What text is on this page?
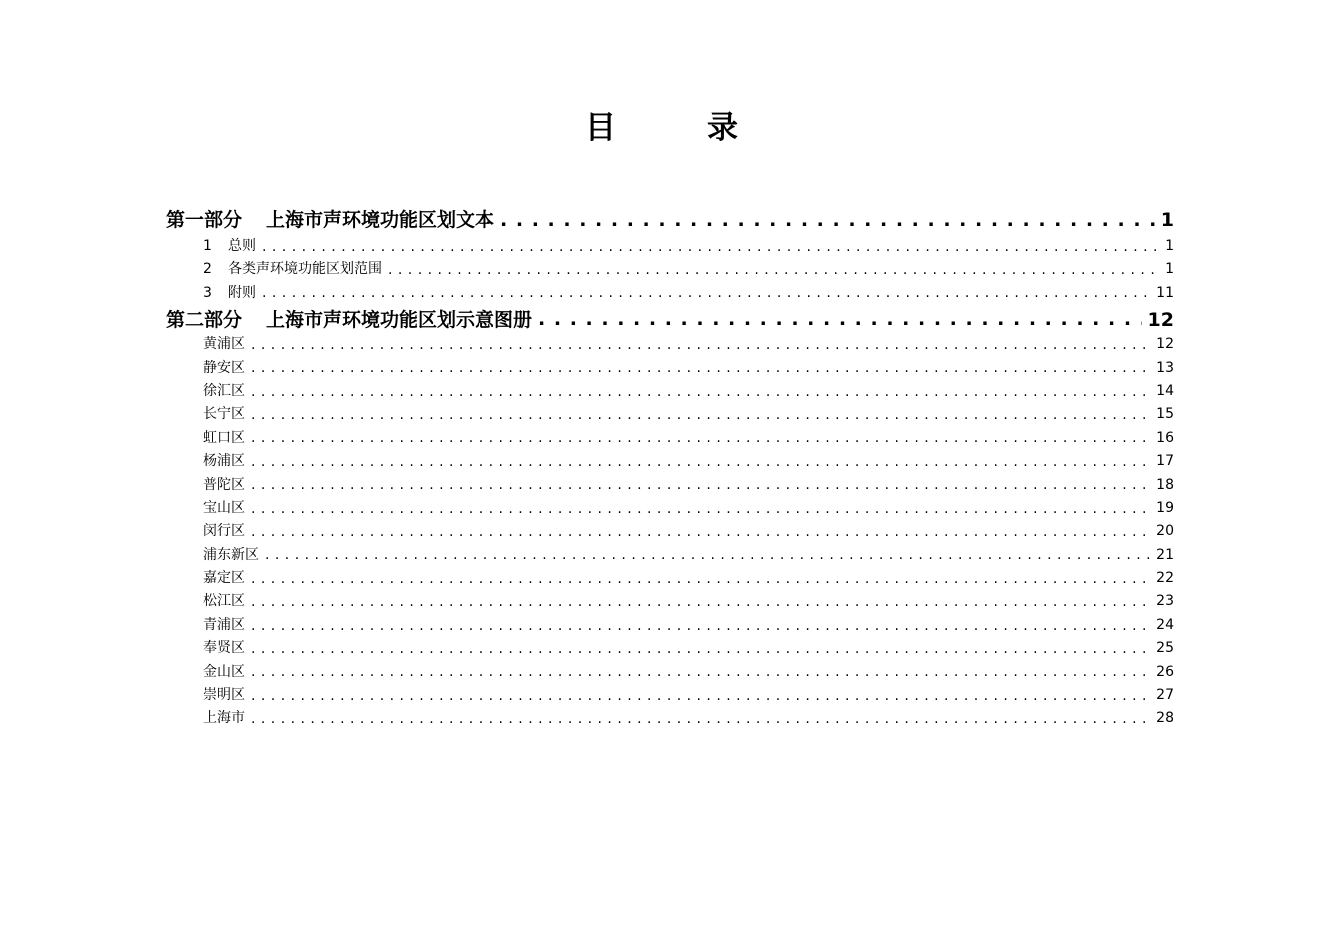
目　录
第一部分 上海市声环境功能区划文本 . . .	1
1	总则 . . .	1
2	各类声环境功能区划范围 . . .	1
3	附则 . . .	11
第二部分 上海市声环境功能区划示意图册 . . .	12
黄浦区 . . .	12
静安区 . . .	13
徐汇区 . . .	14
长宁区 . . .	15
虹口区 . . .	16
杨浦区 . . .	17
普陀区 . . .	18
宝山区 . . .	19
闵行区 . . .	20
浦东新区 . . .	21
嘉定区 . . .	22
松江区 . . .	23
青浦区 . . .	24
奉贤区 . . .	25
金山区 . . .	26
崇明区 . . .	27
上海市 . . .	28
